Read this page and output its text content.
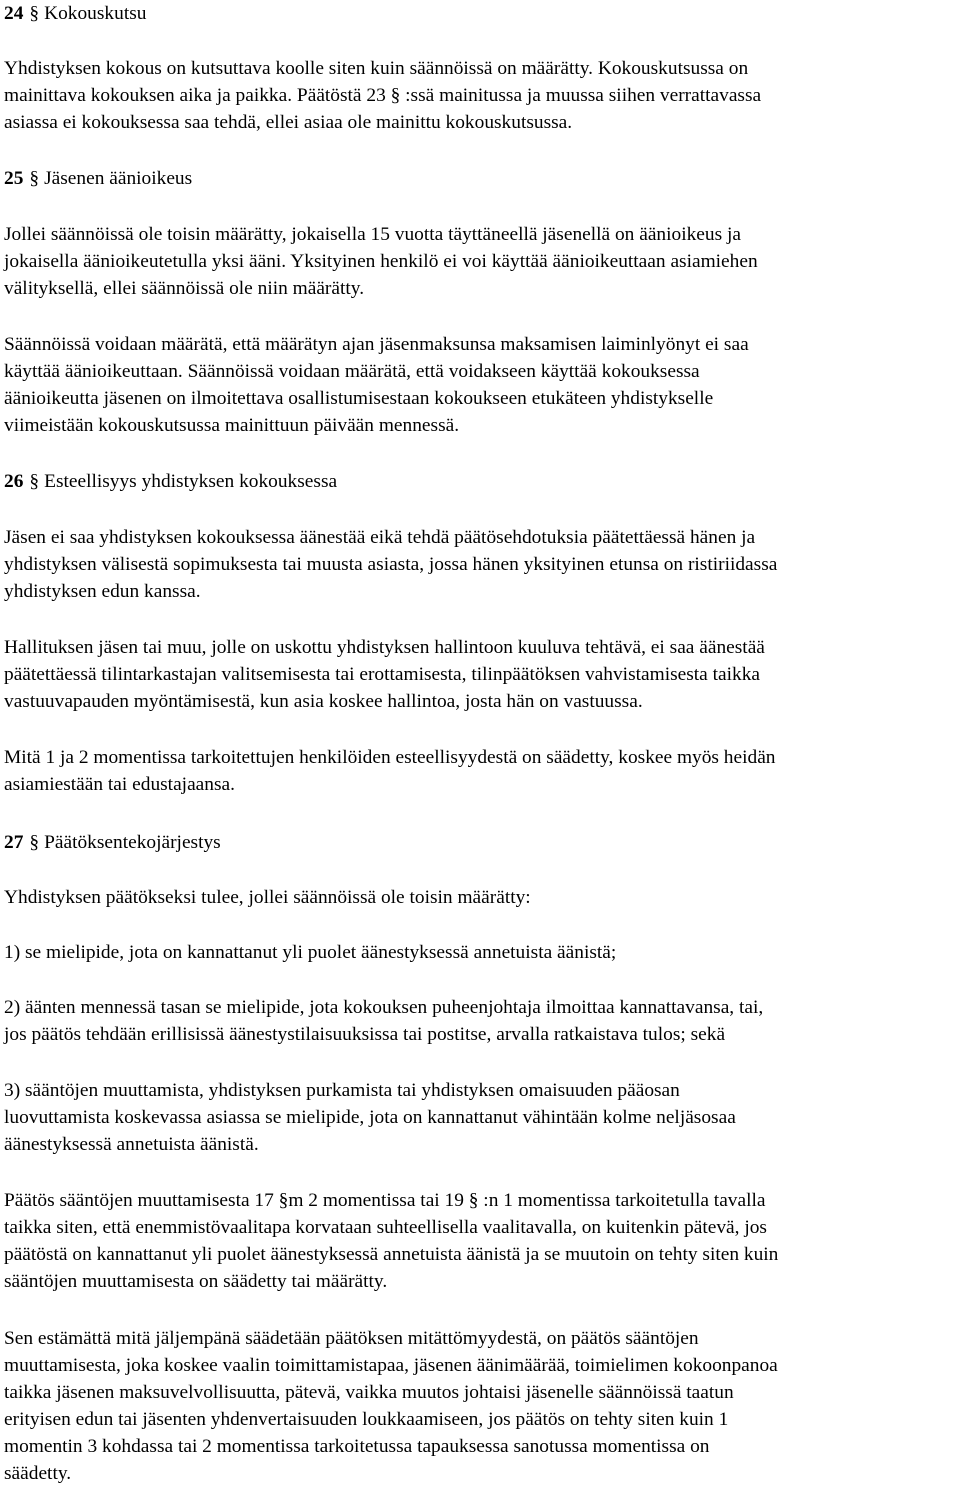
24 § Kokouskutsu
Yhdistyksen kokous on kutsuttava koolle siten kuin säännöissä on määrätty. Kokouskutsussa on
mainittava kokouksen aika ja paikka. Päätöstä 23 § :ssä mainitussa ja muussa siihen verrattavassa
asiassa ei kokouksessa saa tehdä, ellei asiaa ole mainittu kokouskutsussa.
25 § Jäsenen äänioikeus
Jollei säännöissä ole toisin määrätty, jokaisella 15 vuotta täyttäneellä jäsenellä on äänioikeus ja
jokaisella äänioikeutetulla yksi ääni. Yksityinen henkilö ei voi käyttää äänioikeuttaan asiamiehen
välityksellä, ellei säännöissä ole niin määrätty.
Säännöissä voidaan määrätä, että määrätyn ajan jäsenmaksunsa maksamisen laiminlyönyt ei saa
käyttää äänioikeuttaan. Säännöissä voidaan määrätä, että voidakseen käyttää kokouksessa
äänioikeutta jäsenen on ilmoitettava osallistumisestaan kokoukseen etukäteen yhdistykselle
viimeistään kokouskutsussa mainittuun päivään mennessä.
26 § Esteellisyys yhdistyksen kokouksessa
Jäsen ei saa yhdistyksen kokouksessa äänestää eikä tehdä päätösehdotuksia päätettäessä hänen ja
yhdistyksen välisestä sopimuksesta tai muusta asiasta, jossa hänen yksityinen etunsa on ristiriidassa
yhdistyksen edun kanssa.
Hallituksen jäsen tai muu, jolle on uskottu yhdistyksen hallintoon kuuluva tehtävä, ei saa äänestää
päätettäessä tilintarkastajan valitsemisesta tai erottamisesta, tilinpäätöksen vahvistamisesta taikka
vastuuvapauden myöntämisestä, kun asia koskee hallintoa, josta hän on vastuussa.
Mitä 1 ja 2 momentissa tarkoitettujen henkilöiden esteellisyydestä on säädetty, koskee myös heidän
asiamiestään tai edustajaansa.
27 § Päätöksentekojärjestys
Yhdistyksen päätökseksi tulee, jollei säännöissä ole toisin määrätty:
1) se mielipide, jota on kannattanut yli puolet äänestyksessä annetuista äänistä;
2) äänten mennessä tasan se mielipide, jota kokouksen puheenjohtaja ilmoittaa kannattavansa, tai,
jos päätös tehdään erillisissä äänestystilaisuuksissa tai postitse, arvalla ratkaistava tulos; sekä
3) sääntöjen muuttamista, yhdistyksen purkamista tai yhdistyksen omaisuuden pääosan
luovuttamista koskevassa asiassa se mielipide, jota on kannattanut vähintään kolme neljäsosaa
äänestyksessä annetuista äänistä.
Päätös sääntöjen muuttamisesta 17 §m 2 momentissa tai 19 § :n 1 momentissa tarkoitetulla tavalla
taikka siten, että enemmistövaalitapa korvataan suhteellisella vaalitavalla, on kuitenkin pätevä, jos
päätöstä on kannattanut yli puolet äänestyksessä annetuista äänistä ja se muutoin on tehty siten kuin
sääntöjen muuttamisesta on säädetty tai määrätty.
Sen estämättä mitä jäljempänä säädetään päätöksen mitättömyydestä, on päätös sääntöjen
muuttamisesta, joka koskee vaalin toimittamistapaa, jäsenen äänimäärää, toimielimen kokoonpanoa
taikka jäsenen maksuvelvollisuutta, pätevä, vaikka muutos johtaisi jäsenelle säännöissä taatun
erityisen edun tai jäsenten yhdenvertaisuuden loukkaamiseen, jos päätös on tehty siten kuin 1
momentin 3 kohdassa tai 2 momentissa tarkoitetussa tapauksessa sanotussa momentissa on
säädetty.
